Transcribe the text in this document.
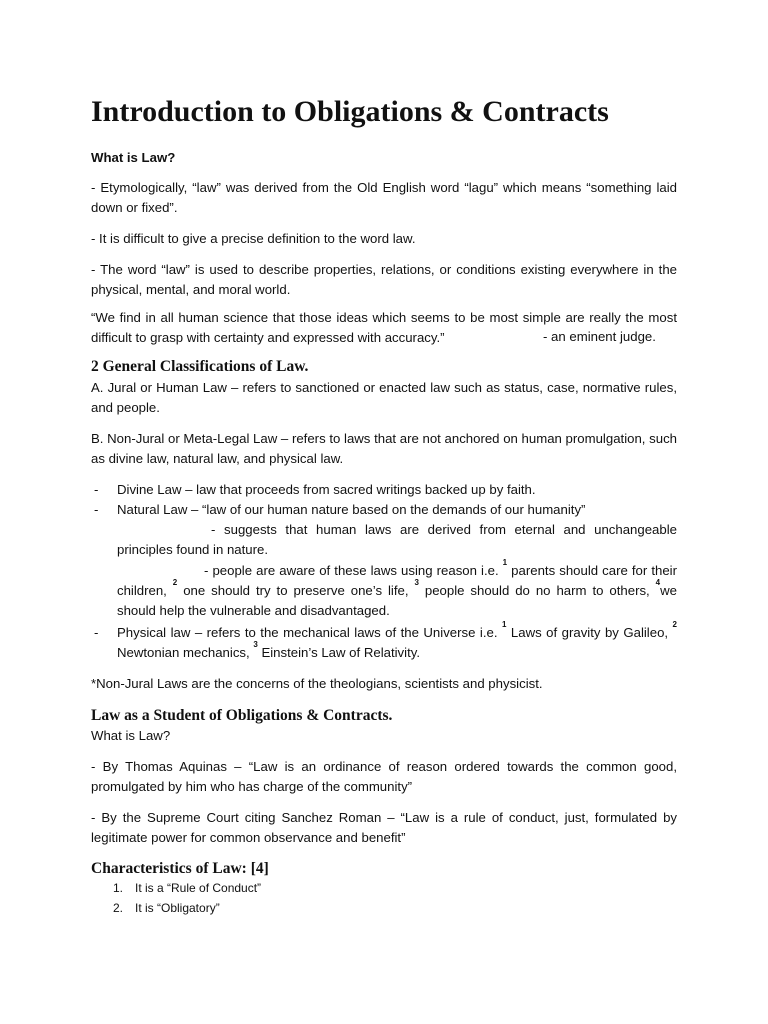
Introduction to Obligations & Contracts

What is Law?

- Etymologically, “law” was derived from the Old English word “lagu” which means “something laid down or fixed”.

- It is difficult to give a precise definition to the word law.

- The word “law” is used to describe properties, relations, or conditions existing everywhere in the physical, mental, and moral world.

“We find in all human science that those ideas which seems to be most simple are really the most difficult to grasp with certainty and expressed with accuracy.”	- an eminent judge.
2 General Classifications of Law.

A. Jural or Human Law – refers to sanctioned or enacted law such as status, case, normative rules, and people.

B. Non-Jural or Meta-Legal Law – refers to laws that are not anchored on human promulgation, such as divine law, natural law, and physical law.

- Divine Law – law that proceeds from sacred writings backed up by faith.

- Natural Law – “law of our human nature based on the demands of our humanity”

- suggests that human laws are derived from eternal and unchangeable principles found in nature.

- people are aware of these laws using reason i.e. $^1$ parents should care for their children, $^2$ one should try to preserve one’s life, $^3$ people should do no harm to others, $^4$we should help the vulnerable and disadvantaged.

- Physical law – refers to the mechanical laws of the Universe i.e. $^1$ Laws of gravity by Galileo, $^2$ Newtonian mechanics, $^3$ Einstein’s Law of Relativity.

*Non-Jural Laws are the concerns of the theologians, scientists and physicist.

Law as a Student of Obligations & Contracts.

What is Law?

- By Thomas Aquinas – “Law is an ordinance of reason ordered towards the common good, promulgated by him who has charge of the community”

- By the Supreme Court citing Sanchez Roman – “Law is a rule of conduct, just, formulated by legitimate power for common observance and benefit”

Characteristics of Law: [4]
1. It is a “Rule of Conduct”
2. It is “Obligatory”
